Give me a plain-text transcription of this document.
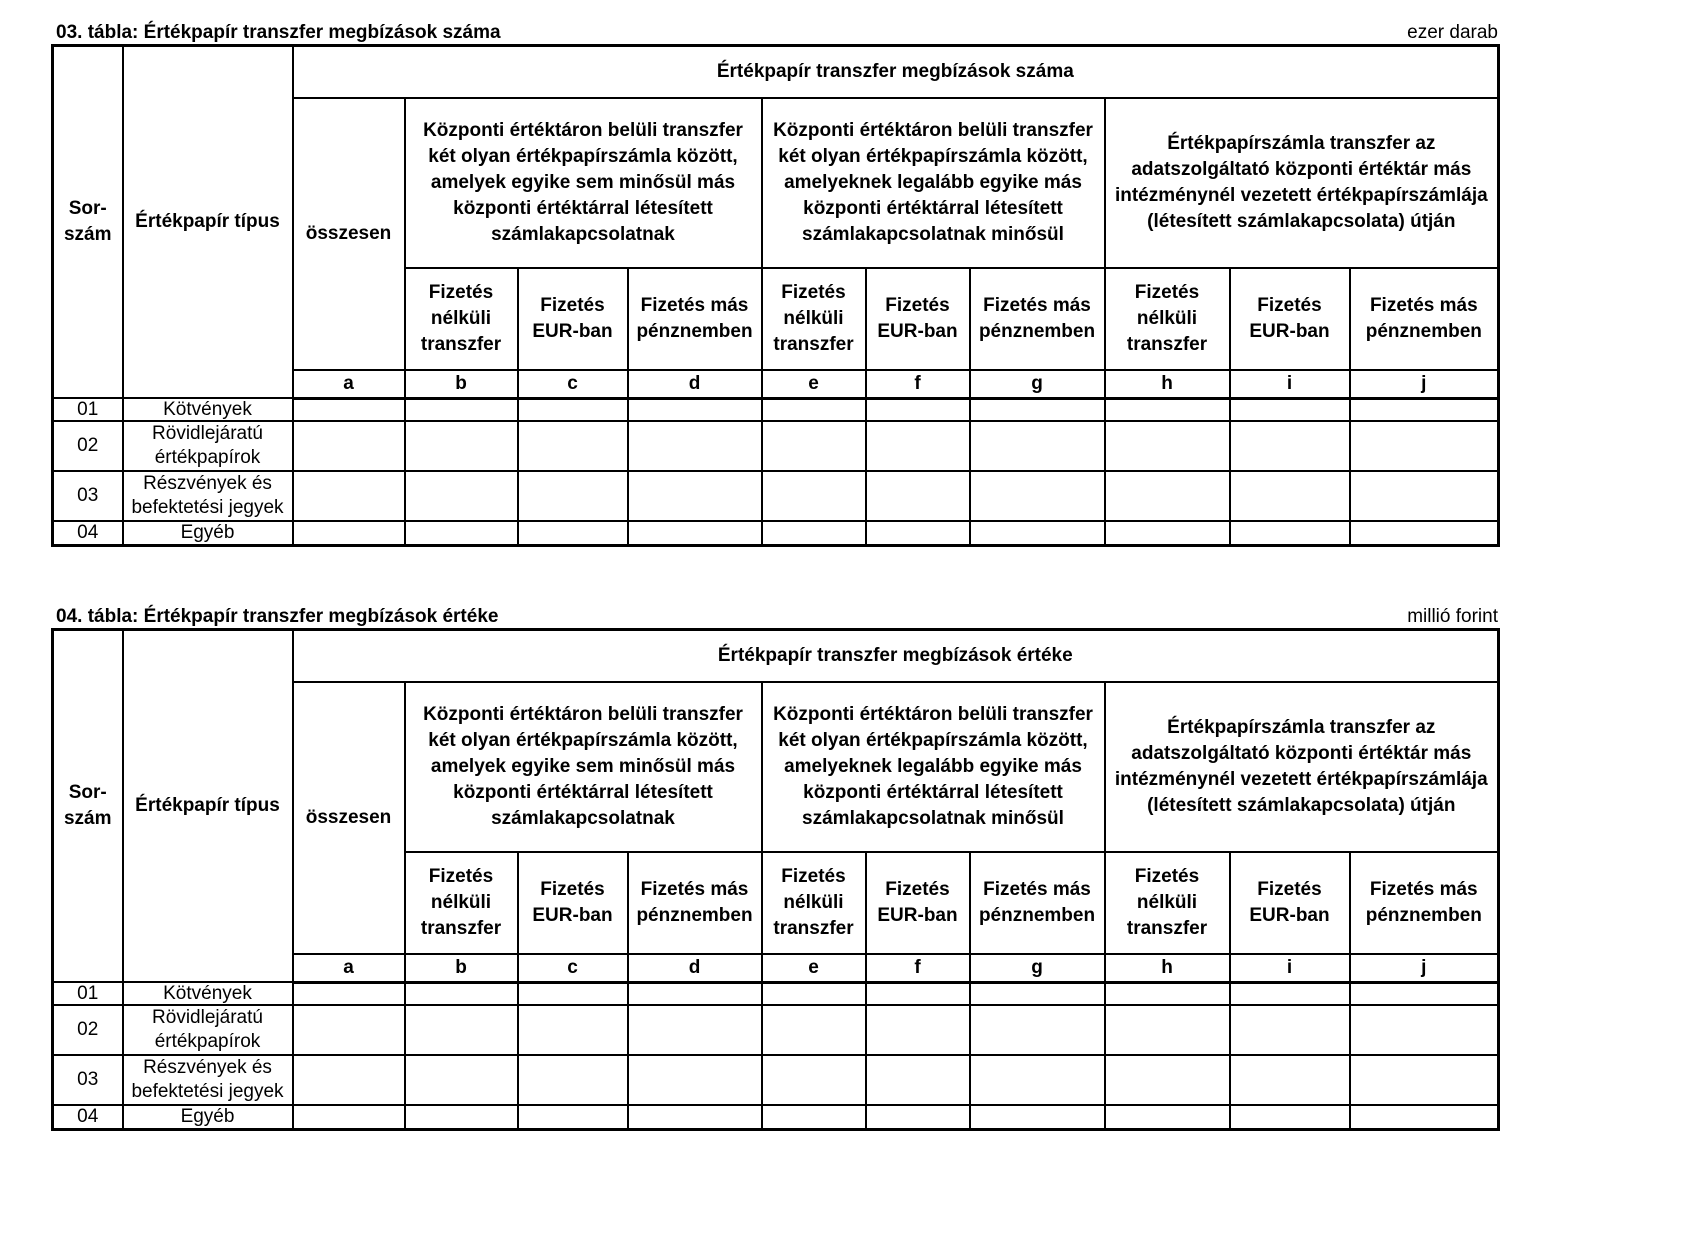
03. tábla: Értékpapír transzfer megbízások száma	ezer darab
Sor-
szám	Értékpapír típus	Értékpapír transzfer megbízások száma									
		összesen	Központi értéktáron belüli transzfer két olyan értékpapírszámla között, amelyek egyike sem minősül más központi értéktárral létesített számlakapcsolatnak			Központi értéktáron belüli transzfer két olyan értékpapírszámla között, amelyeknek legalább egyike más központi értéktárral létesített számlakapcsolatnak minősül			Értékpapírszámla transzfer az adatszolgáltató központi értéktár más intézménynél vezetett értékpapírszámlája (létesített számlakapcsolata) útján		
			Fizetés nélküli transzfer	Fizetés EUR-ban	Fizetés más pénznemben	Fizetés nélküli transzfer	Fizetés EUR-ban	Fizetés más pénznemben	Fizetés nélküli transzfer	Fizetés EUR-ban	Fizetés más pénznemben
		a	b	c	d	e	f	g	h	i	j
01	Kötvények										
02	Rövidlejáratú
értékpapírok										
03	Részvények és
befektetési jegyek										
04	Egyéb										
04. tábla: Értékpapír transzfer megbízások értéke	millió forint
Sor-
szám	Értékpapír típus	Értékpapír transzfer megbízások értéke									
		összesen	Központi értéktáron belüli transzfer két olyan értékpapírszámla között, amelyek egyike sem minősül más központi értéktárral létesített számlakapcsolatnak			Központi értéktáron belüli transzfer két olyan értékpapírszámla között, amelyeknek legalább egyike más központi értéktárral létesített számlakapcsolatnak minősül			Értékpapírszámla transzfer az adatszolgáltató központi értéktár más intézménynél vezetett értékpapírszámlája (létesített számlakapcsolata) útján		
			Fizetés nélküli transzfer	Fizetés EUR-ban	Fizetés más pénznemben	Fizetés nélküli transzfer	Fizetés EUR-ban	Fizetés más pénznemben	Fizetés nélküli transzfer	Fizetés EUR-ban	Fizetés más pénznemben
		a	b	c	d	e	f	g	h	i	j
01	Kötvények										
02	Rövidlejáratú
értékpapírok										
03	Részvények és
befektetési jegyek										
04	Egyéb										
